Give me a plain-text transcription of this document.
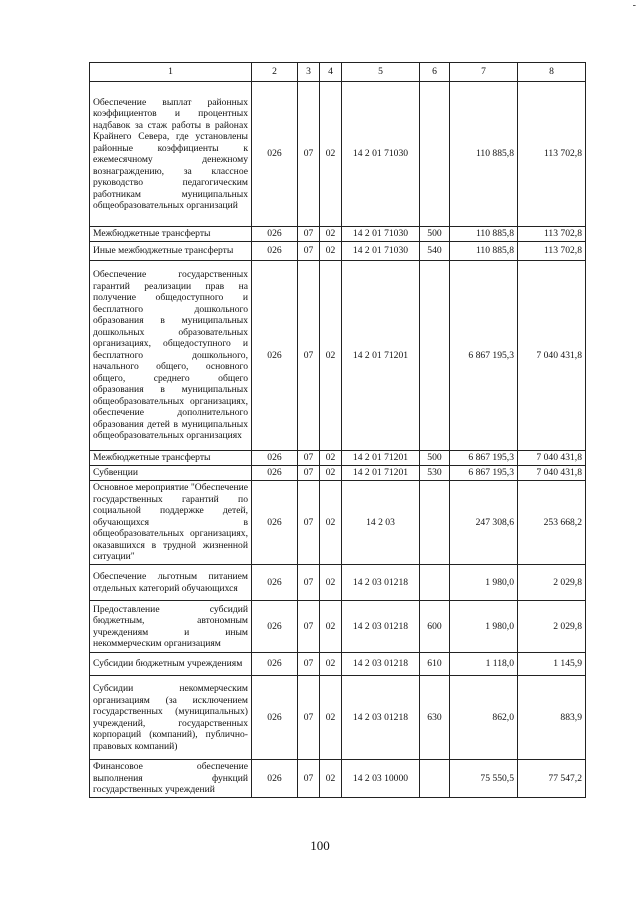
-
1	2	3	4	5	6	7	8
Обеспечение выплат районных коэффициентов и процентных надбавок за стаж работы в районах Крайнего Севера, где установлены районные коэффициенты к ежемесячному денежному вознаграждению, за классное руководство педагогическим работникам муниципальных общеобразовательных организаций	026	07	02	14 2 01 71030		110 885,8	113 702,8
Межбюджетные трансферты	026	07	02	14 2 01 71030	500	110 885,8	113 702,8
Иные межбюджетные трансферты	026	07	02	14 2 01 71030	540	110 885,8	113 702,8
Обеспечение государственных гарантий реализации прав на получение общедоступного и бесплатного дошкольного образования в муниципальных дошкольных образовательных организациях, общедоступного и бесплатного дошкольного, начального общего, основного общего, среднего общего образования в муниципальных общеобразовательных организациях, обеспечение дополнительного образования детей в муниципальных общеобразовательных организациях	026	07	02	14 2 01 71201		6 867 195,3	7 040 431,8
Межбюджетные трансферты	026	07	02	14 2 01 71201	500	6 867 195,3	7 040 431,8
Субвенции	026	07	02	14 2 01 71201	530	6 867 195,3	7 040 431,8
Основное мероприятие "Обеспечение государственных гарантий по социальной поддержке детей, обучающихся в общеобразовательных организациях, оказавшихся в трудной жизненной ситуации"	026	07	02	14 2 03		247 308,6	253 668,2
Обеспечение льготным питанием отдельных категорий обучающихся	026	07	02	14 2 03 01218		1 980,0	2 029,8
Предоставление субсидий бюджетным, автономным учреждениям и иным некоммерческим организациям	026	07	02	14 2 03 01218	600	1 980,0	2 029,8
Субсидии бюджетным учреждениям	026	07	02	14 2 03 01218	610	1 118,0	1 145,9
Субсидии некоммерческим организациям (за исключением государственных (муниципальных) учреждений, государственных корпораций (компаний), публично-правовых компаний)	026	07	02	14 2 03 01218	630	862,0	883,9
Финансовое обеспечение выполнения функций государственных учреждений	026	07	02	14 2 03 10000		75 550,5	77 547,2
100
